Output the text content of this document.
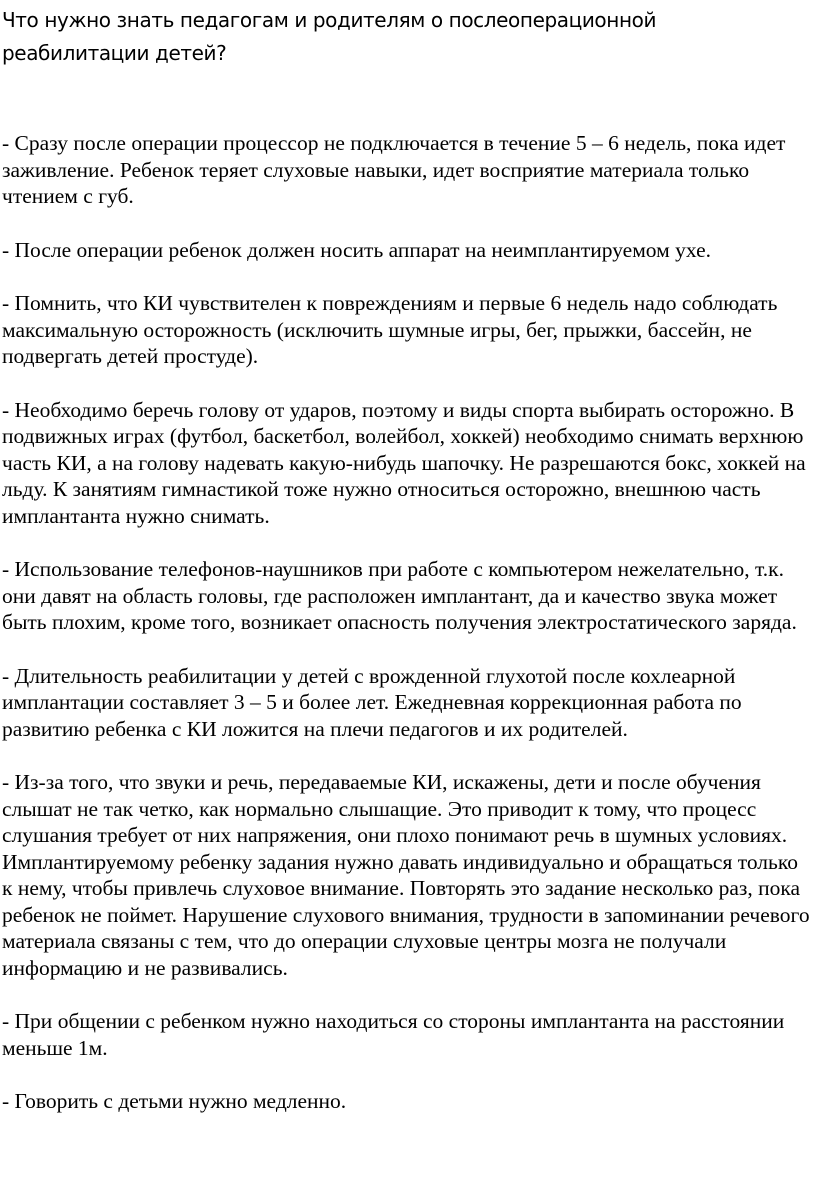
Что нужно знать педагогам и родителям о послеоперационной реабилитации детей?

- Сразу после операции процессор не подключается в течение 5 – 6 недель, пока идет заживление. Ребенок теряет слуховые навыки, идет восприятие материала только чтением с губ.

- После операции ребенок должен носить аппарат на неимплантируемом ухе.

- Помнить, что КИ чувствителен к повреждениям и первые 6 недель надо соблюдать максимальную осторожность (исключить шумные игры, бег, прыжки, бассейн, не подвергать детей простуде).

- Необходимо беречь голову от ударов, поэтому и виды спорта выбирать осторожно. В подвижных играх (футбол, баскетбол, волейбол, хоккей) необходимо снимать верхнюю часть КИ, а на голову надевать какую-нибудь шапочку. Не разрешаются бокс, хоккей на льду. К занятиям гимнастикой тоже нужно относиться осторожно, внешнюю часть имплантанта нужно снимать.

- Использование телефонов-наушников при работе с компьютером нежелательно, т.к. они давят на область головы, где расположен имплантант, да и качество звука может быть плохим, кроме того, возникает опасность получения электростатического заряда.

- Длительность реабилитации у детей с врожденной глухотой после кохлеарной имплантации составляет 3 – 5 и более лет. Ежедневная коррекционная работа по развитию ребенка с КИ ложится на плечи педагогов и их родителей.

- Из-за того, что звуки и речь, передаваемые КИ, искажены, дети и после обучения слышат не так четко, как нормально слышащие. Это приводит к тому, что процесс слушания требует от них напряжения, они плохо понимают речь в шумных условиях. Имплантируемому ребенку задания нужно давать индивидуально и обращаться только к нему, чтобы привлечь слуховое внимание. Повторять это задание несколько раз, пока ребенок не поймет. Нарушение слухового внимания, трудности в запоминании речевого материала связаны с тем, что до операции слуховые центры мозга не получали информацию и не развивались.

- При общении с ребенком нужно находиться со стороны имплантанта на расстоянии меньше 1м.

- Говорить с детьми нужно медленно.
